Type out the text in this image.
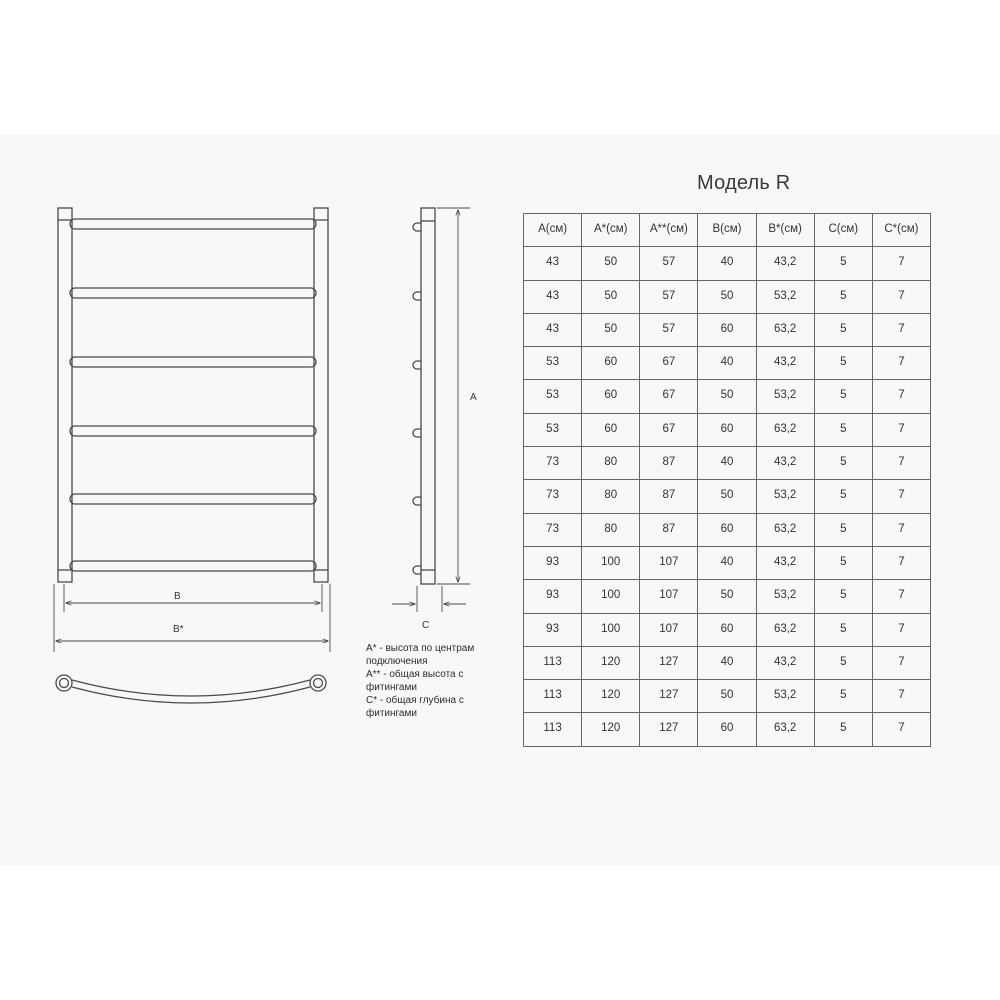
B
B*
A
C
A* - высота по центрам
подключения
A** - общая высота с
фитингами
C* - общая глубина с
фитингами
Модель R
A(см)	A*(см)	A**(см)	B(см)	B*(см)	C(см)	C*(см)
43	50	57	40	43,2	5	7
43	50	57	50	53,2	5	7
43	50	57	60	63,2	5	7
53	60	67	40	43,2	5	7
53	60	67	50	53,2	5	7
53	60	67	60	63,2	5	7
73	80	87	40	43,2	5	7
73	80	87	50	53,2	5	7
73	80	87	60	63,2	5	7
93	100	107	40	43,2	5	7
93	100	107	50	53,2	5	7
93	100	107	60	63,2	5	7
113	120	127	40	43,2	5	7
113	120	127	50	53,2	5	7
113	120	127	60	63,2	5	7
